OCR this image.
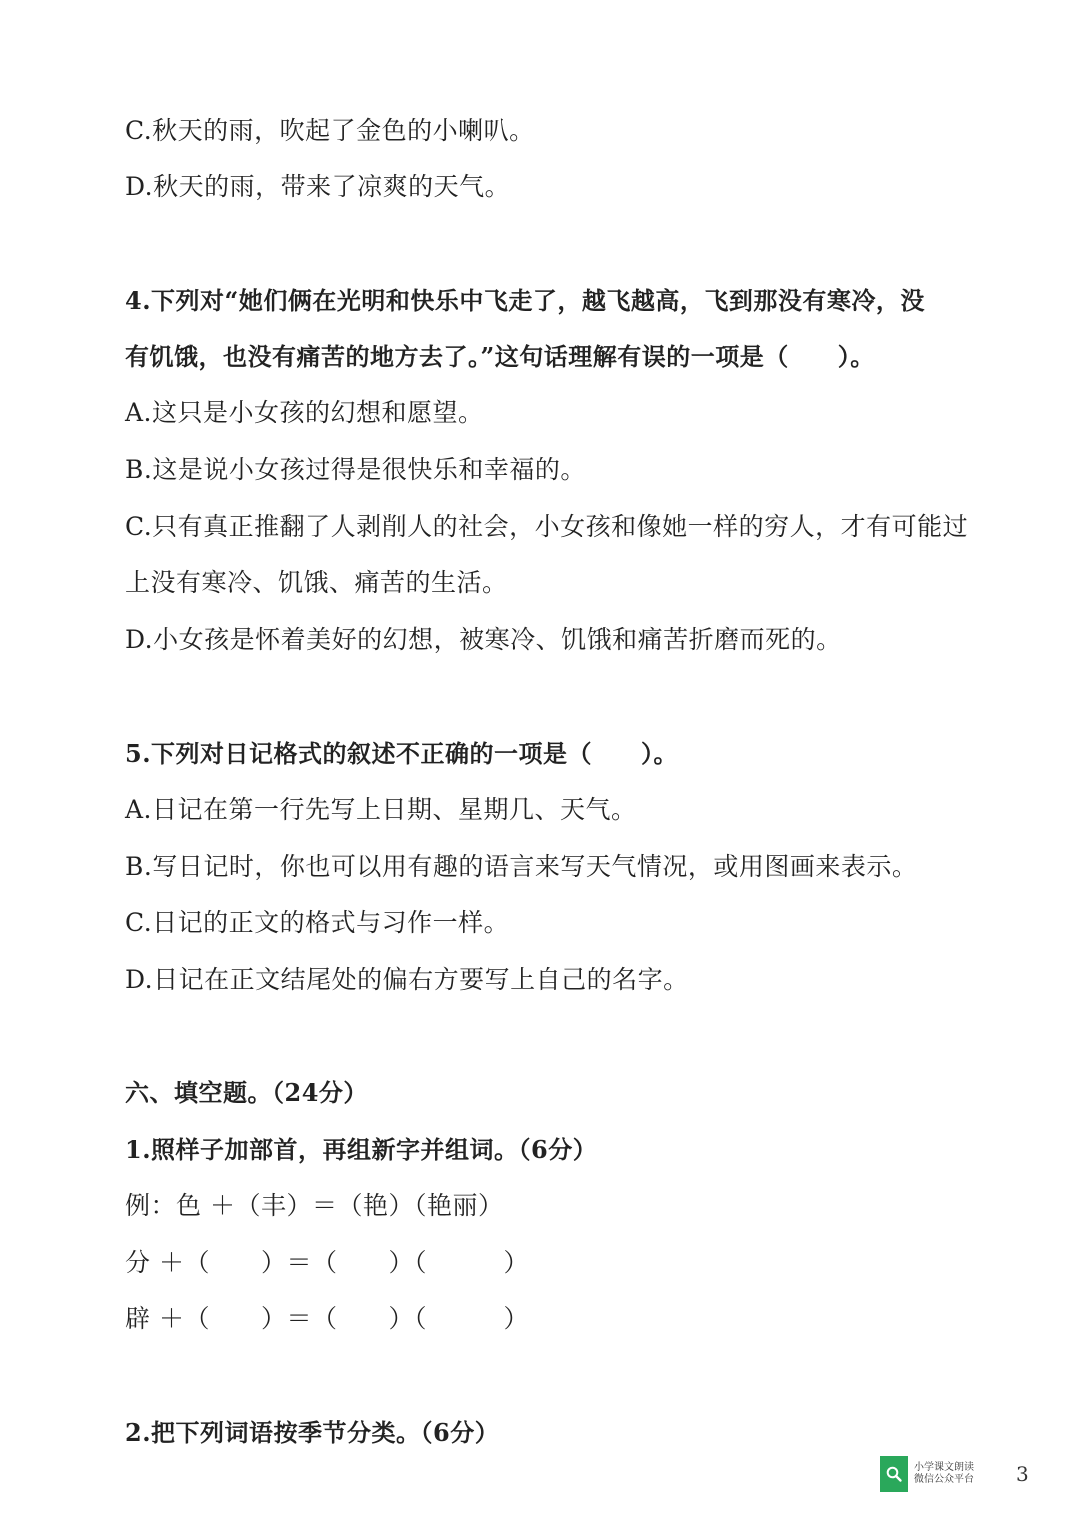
C.秋天的雨，吹起了金色的小喇叭。
D.秋天的雨，带来了凉爽的天气。
4.下列对“她们俩在光明和快乐中飞走了，越飞越高，飞到那没有寒冷，没
有饥饿，也没有痛苦的地方去了。”这句话理解有误的一项是（　　）。
A.这只是小女孩的幻想和愿望。
B.这是说小女孩过得是很快乐和幸福的。
C.只有真正推翻了人剥削人的社会，小女孩和像她一样的穷人，才有可能过
上没有寒冷、饥饿、痛苦的生活。
D.小女孩是怀着美好的幻想，被寒冷、饥饿和痛苦折磨而死的。
5.下列对日记格式的叙述不正确的一项是（　　）。
A.日记在第一行先写上日期、星期几、天气。
B.写日记时，你也可以用有趣的语言来写天气情况，或用图画来表示。
C.日记的正文的格式与习作一样。
D.日记在正文结尾处的偏右方要写上自己的名字。
六、填空题。（24分）
1.照样子加部首，再组新字并组词。（6分）
例：色 ＋（丰）＝（艳）（艳丽）
分 ＋（　　）＝（　　）（　　　）
辟 ＋（　　）＝（　　）（　　　）
2.把下列词语按季节分类。（6分）
小学课文朗读
微信公众平台 3
